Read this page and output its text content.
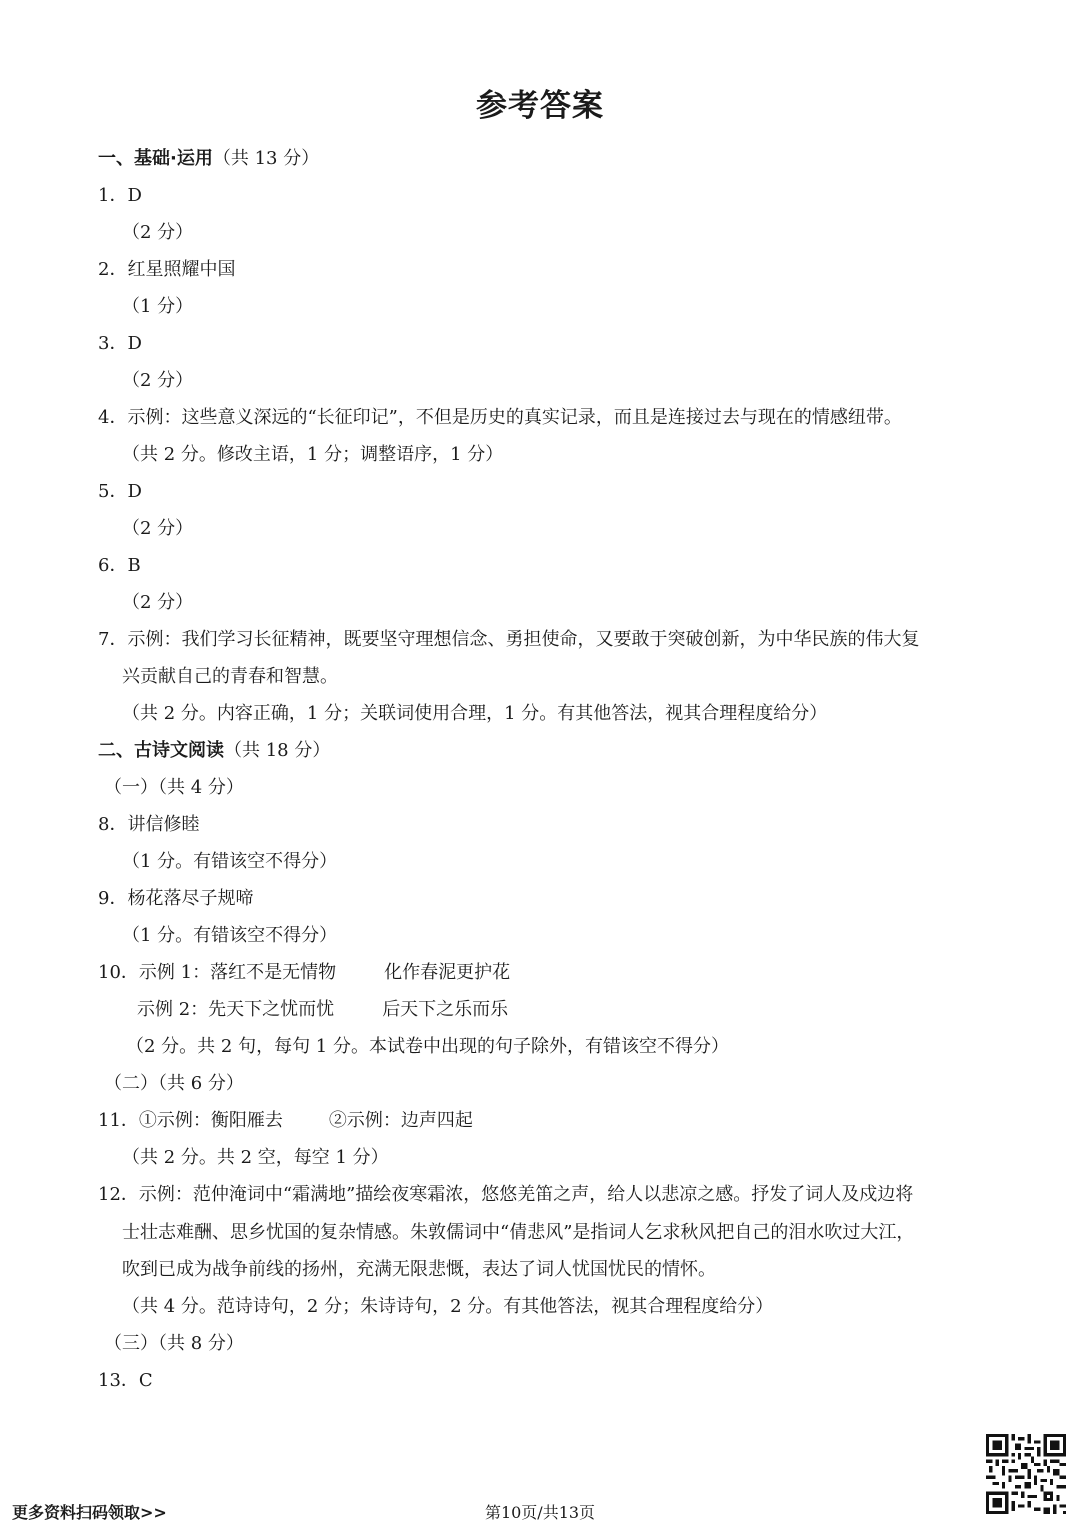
参考答案
一、基础·运用（共 13 分）
1．D
（2 分）
2．红星照耀中国
（1 分）
3．D
（2 分）
4．示例：这些意义深远的“长征印记”，不但是历史的真实记录，而且是连接过去与现在的情感纽带。
（共 2 分。修改主语，1 分；调整语序，1 分）
5．D
（2 分）
6．B
（2 分）
7．示例：我们学习长征精神，既要坚守理想信念、勇担使命，又要敢于突破创新，为中华民族的伟大复
兴贡献自己的青春和智慧。
（共 2 分。内容正确，1 分；关联词使用合理，1 分。有其他答法，视其合理程度给分）
二、古诗文阅读（共 18 分）
（一）（共 4 分）
8．讲信修睦
（1 分。有错该空不得分）
9．杨花落尽子规啼
（1 分。有错该空不得分）
10．示例 1：落红不是无情物	化作春泥更护花
示例 2：先天下之忧而忧	后天下之乐而乐
（2 分。共 2 句，每句 1 分。本试卷中出现的句子除外，有错该空不得分）
（二）（共 6 分）
11．①示例：衡阳雁去	②示例：边声四起
（共 2 分。共 2 空，每空 1 分）
12．示例：范仲淹词中“霜满地”描绘夜寒霜浓，悠悠羌笛之声，给人以悲凉之感。抒发了词人及戍边将
士壮志难酬、思乡忧国的复杂情感。朱敦儒词中“倩悲风”是指词人乞求秋风把自己的泪水吹过大江，
吹到已成为战争前线的扬州，充满无限悲慨，表达了词人忧国忧民的情怀。
（共 4 分。范诗诗句，2 分；朱诗诗句，2 分。有其他答法，视其合理程度给分）
（三）（共 8 分）
13．C
更多资料扫码领取>>	第10页/共13页
